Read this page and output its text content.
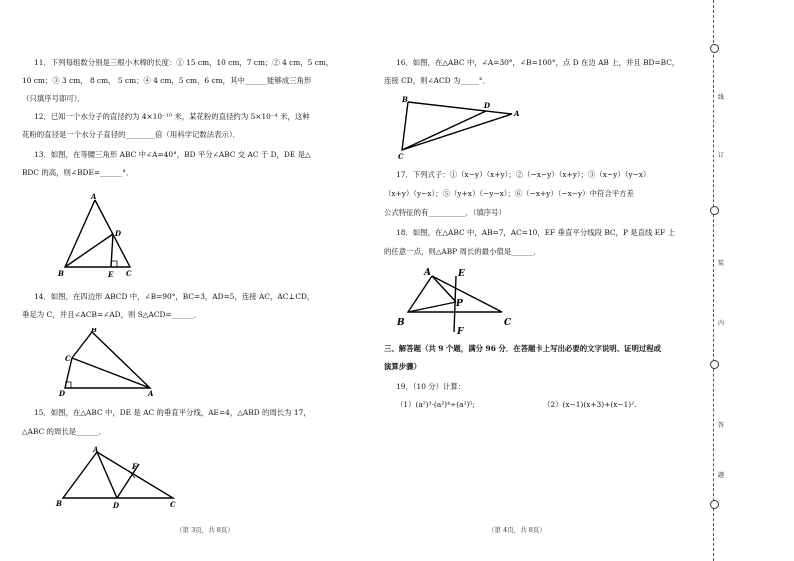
11．下列每组数分别是三根小木棒的长度：① 15 cm，10 cm，7 cm；② 4 cm，5 cm，
10 cm；③ 3 cm， 8 cm， 5 cm；④ 4 cm，5 cm，6 cm，其中______能够成三角形
（只填序号即可）．
12．已知一个水分子的直径约为 4×10⁻¹⁰ 米，某花粉的直径约为 5×10⁻⁴ 米，这种
花粉的直径是一个水分子直径的________倍（用科学记数法表示）．
13．如图，在等腰三角形 ABC 中∠A=40°，BD 平分∠ABC 交 AC 于 D，DE 是△
BDC 的高，则∠BDE=______°．
A
B	C
D
E
14．如图，在四边形 ABCD 中，∠B=90°，BC=3，AD=5，连接 AC，AC⊥CD，
垂足为 C，并且∠ACB=∠AD，则 S△ACD=______．
B
C
D	A
15．如图，在△ABC 中，DE 是 AC 的垂直平分线，AE=4，△ABD 的周长为 17，
△ABC 的周长是______．
A
B	C
D
E
（第 3页，共 8页）
16．如图，在△ABC 中，∠A=30°，∠B=100°，点 D 在边 AB 上，并且 BD=BC，
连接 CD，则∠ACD 为_____°．
B
D
A
C
17．下列式子：①（x−y）（x+y）；②（−x−y）（x+y）；③（x−y）（y−x）
（x+y）（y−x）；⑤（y+x）（−y−x）；⑥（−x+y）（−x−y）中符合平方差
公式特征的有__________．（填序号）
18．如图，在△ABC 中，AB=7，AC=10，EF 垂直平分线段 BC，P 是直线 EF 上
的任意一点，则△ABP 周长的最小值是______．
A	E
P
B	C
F
三、解答题（共 9 个题，满分 96 分．在答题卡上写出必要的文字说明、证明过程或
演算步骤）
19．（10 分）计算：
（1）(a²)³·(a²)⁴÷(a²)⁵;	（2）(x−1)(x+3)+(x−1)².
（第 4页，共 8页）
线
订
装
内
答
题
